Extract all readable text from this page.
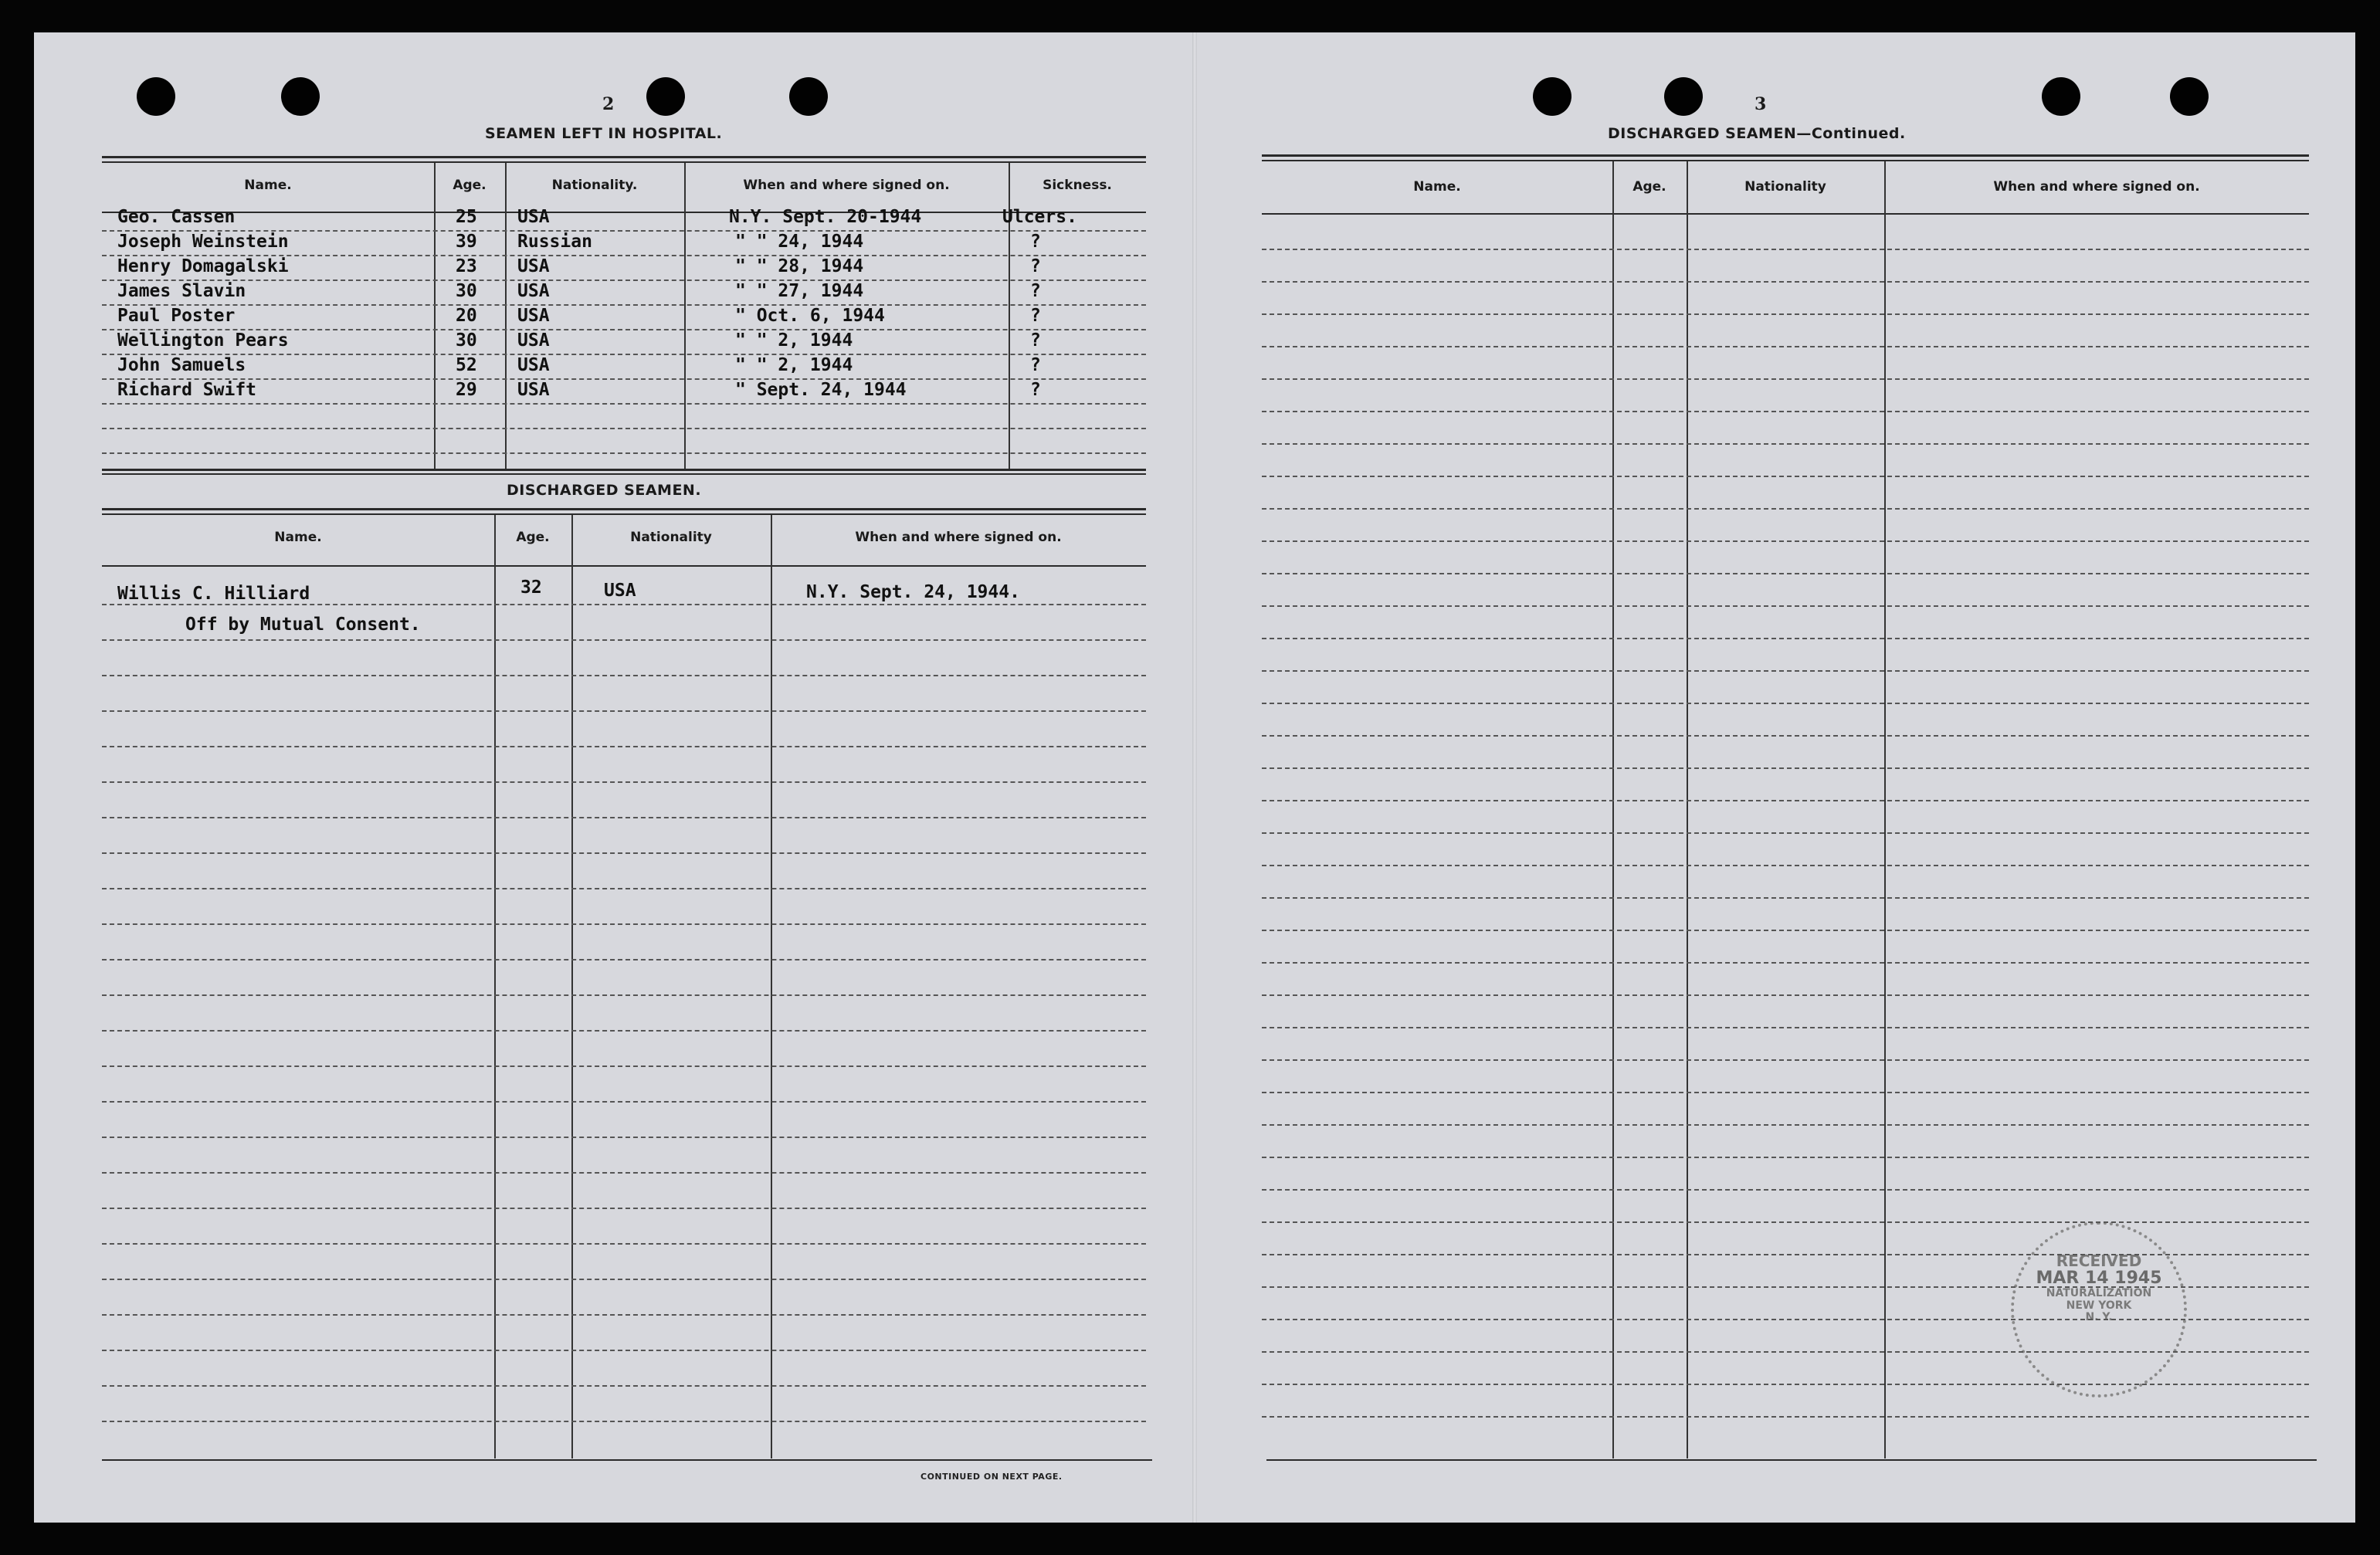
2
SEAMEN LEFT IN HOSPITAL.
Name.	Age.	Nationality.	When and where signed on.	Sickness.
Geo. Cassen	25 USA	N.Y. Sept. 20-1944	Ulcers.
Joseph Weinstein	39 Russian	" " 24, 1944	?
Henry Domagalski	23 USA	" " 28, 1944	?
James Slavin	30 USA	" " 27, 1944	?
Paul Poster	20 USA	" Oct. 6, 1944	?
Wellington Pears	30 USA	" " 2, 1944	?
John Samuels	52 USA	" " 2, 1944	?
Richard Swift	29 USA	" Sept. 24, 1944	?
DISCHARGED SEAMEN.
Name.	Age.	Nationality	When and where signed on.
Willis C. Hilliard	32	USA	N.Y. Sept. 24, 1944.
Off by Mutual Consent.
CONTINUED ON NEXT PAGE.
3
DISCHARGED SEAMEN—Continued.
Name.	Age.	Nationality	When and where signed on.
RECEIVED
MAR 14 1945
NATURALIZATION
NEW YORK
N. Y.
